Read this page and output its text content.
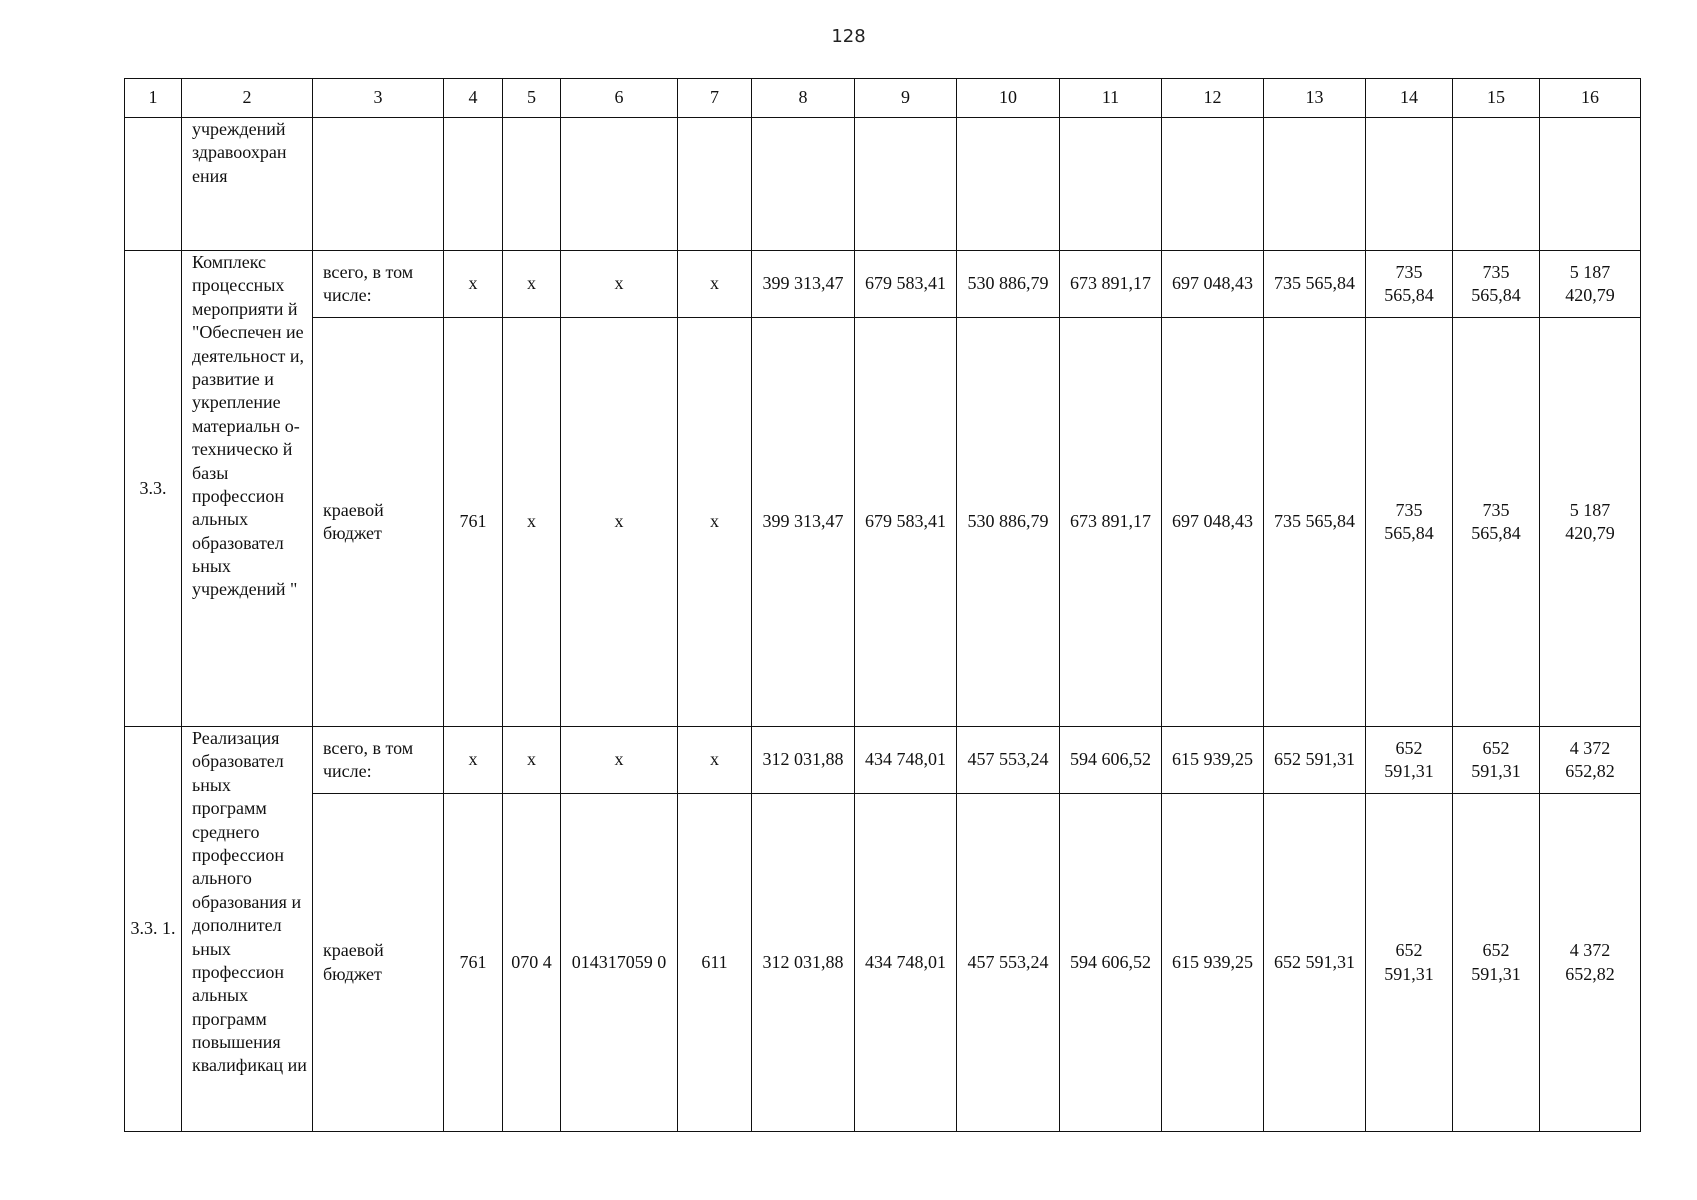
128
1	2	3	4	5	6	7	8	9	10	11	12	13	14	15	16
	учреждений здравоохран ения														
3.3.	Комплекс процессных мероприяти й "Обеспечен ие деятельност и, развитие и укрепление материальн о- техническо й базы профессион альных образовател ьных учреждений "	всего, в том числе:	х	х	х	х	399 313,47	679 583,41	530 886,79	673 891,17	697 048,43	735 565,84	735 565,84	735 565,84	5 187 420,79
		краевой бюджет	761	х	х	х	399 313,47	679 583,41	530 886,79	673 891,17	697 048,43	735 565,84	735 565,84	735 565,84	5 187 420,79
3.3. 1.	Реализация образовател ьных программ среднего профессион ального образования и дополнител ьных профессион альных программ повышения квалификац ии	всего, в том числе:	х	х	х	х	312 031,88	434 748,01	457 553,24	594 606,52	615 939,25	652 591,31	652 591,31	652 591,31	4 372 652,82
		краевой бюджет	761	070 4	014317059 0	611	312 031,88	434 748,01	457 553,24	594 606,52	615 939,25	652 591,31	652 591,31	652 591,31	4 372 652,82
